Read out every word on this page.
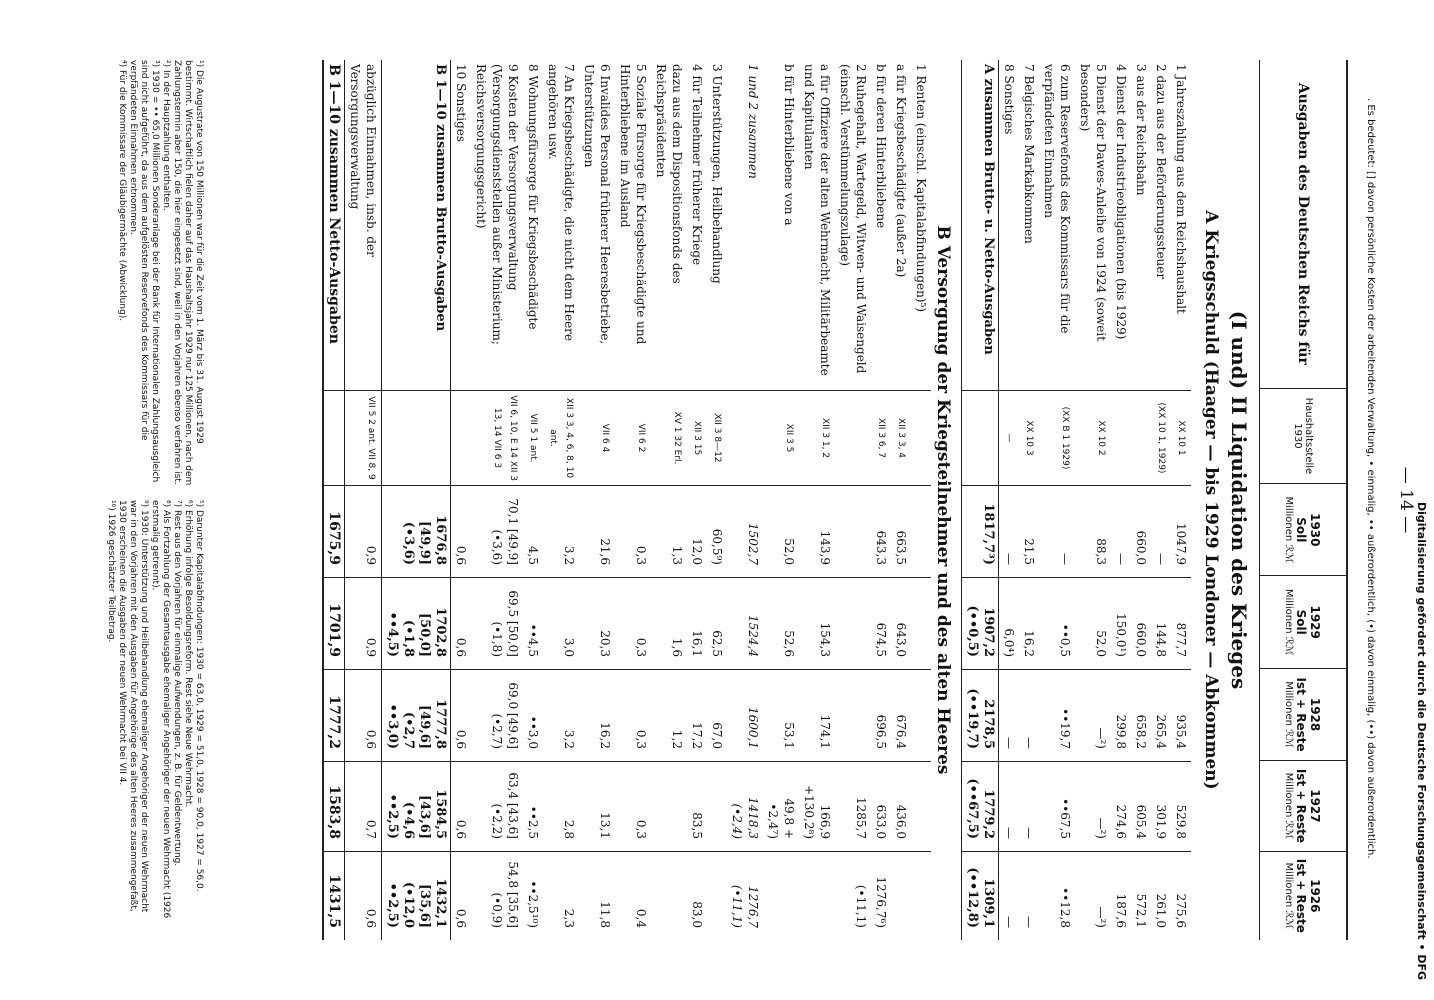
— 14 —
. Es bedeutet: [] davon persönliche Kosten der arbeitenden Verwaltung, • einmalig, •• außerordentlich, (•) davon einmalig, (••) davon außerordentlich.
Ausgaben des Deutschen Reichs für
Haushaltsstelle 1930
1930
Soll
Millionen ℛℳ
1929
Soll
Millionen ℛℳ
1928
Ist + Reste
Millionen ℛℳ
1927
Ist + Reste
Millionen ℛℳ
1926
Ist + Reste
Millionen ℛℳ
(I und) II Liquidation des Krieges
A Kriegsschuld (Haager — bis 1929 Londoner — Abkommen)
1 Jahreszahlung aus dem Reichshaushalt
XX 10 1
1047,9
877,7
935,4
529,8
275,6
2 dazu aus der Beförderungssteuer
(XX 10 1, 1929)
—
144,8
265,4
301,9
261,0
3 aus der Reichsbahn
660,0
660,0
658,2
605,4
572,1
4 Dienst der Industrieobligationen (bis 1929)
—
150,0¹)
299,8
274,6
187,6
5 Dienst der Dawes-Anleihe von 1924 (soweit besonders)
XX 10 2
88,3
52,0
—²)
—²)
—²)
6 zum Reservefonds des Kommissars für die verpfändeten Einnahmen
(XX B 1 1929)
—
••0,5
••19,7
••67,5
••12,8
7 Belgisches Markabkommen
XX 10 3
21,5
16,2
—
—
—
8 Sonstiges
—
—
6,0⁴)
—
—
—
A zusammen Brutto- u. Netto-Ausgaben
1817,7³)
1907,2 (••0,5)
2178,5 (••19,7)
1779,2 (••67,5)
1309,1 (••12,8)
B Versorgung der Kriegsteilnehmer und des alten Heeres
1 Renten (einschl. Kapitalabfindungen)⁵)
a für Kriegsbeschädigte (außer 2a)
XII 3 3, 4
663,5
643,0
676,4
436,0
b für deren Hinterbliebene
XII 3 6, 7
643,3
674,5
696,5
633,0
1276,7⁶)
2 Ruhegehalt, Wartegeld, Witwen- und Waisengeld (einschl. Verstümmelungszulage)
1285,7
(•11,1)
a für Offiziere der alten Wehrmacht, Militärbeamte und Kapitulanten
XII 3 1, 2
143,9
154,3
174,1
166,9 +130,2⁸)
b für Hinterbliebene von a
XII 3 5
52,0
52,6
53,1
49,8 + •2,4⁷)
1 und 2 zusammen
1502,7
1524,4
1600,1
1418,3 (•2,4)
1276,7 (•11,1)
3 Unterstützungen, Heilbehandlung
XII 3 8—12
60,5⁹)
62,5
67,0
4 für Teilnehmer früherer Kriege
XII 3 15
12,0
16,1
17,2
83,5
83,0
dazu aus dem Dispositionsfonds des Reichspräsidenten
XV 1 32 Erl.
1,3
1,6
1,2
5 Soziale Fürsorge für Kriegsbeschädigte und Hinterbliebene im Ausland
VII 6 2
0,3
0,3
0,3
0,3
0,4
6 Invalides Personal früherer Heeresbetriebe, Unterstützungen
VII 6 4
21,6
20,3
16,2
13,1
11,8
7 An Kriegsbeschädigte, die nicht dem Heere angehören usw.
XII 3 3, 4, 6, 8, 10 ant.
3,2
3,0
3,2
2,8
2,3
8 Wohnungsfürsorge für Kriegsbeschädigte
VII 5 1 ant.
4,5
••4,5
••3,0
••2,5
••2,5¹⁰)
9 Kosten der Versorgungsverwaltung (Versorgungsdienststellen außer Ministerium; Reichsversorgungsgericht)
VII 6, 10, E 14 XII 3 13, 14 VII 6 3
70,1 [49,9] (•3,6)
69,5 [50,0] (•1,8)
69,0 [49,6] (•2,7)
63,4 [43,6] (•2,2)
54,8 [35,6] (•0,9)
10 Sonstiges
0,6
0,6
0,6
0,6
0,6
B 1—10 zusammen Brutto-Ausgaben
1676,8 [49,9] (•3,6)
1702,8 [50,0] (•1,8 ••4,5)
1777,8 [49,6] (•2,7 ••3,0)
1584,5 [43,6] (•4,6 ••2,5)
1432,1 [35,6] (•12,0 ••2,5)
abzüglich Einnahmen, insb. der Versorgungsverwaltung
VII 5 2 ant. VII 8, 9
0,9
0,9
0,6
0,7
0,6
B 1—10 zusammen Netto-Ausgaben
1675,9
1701,9
1777,2
1583,8
1431,5
¹) Die Augustrate von 150 Millionen war für die Zeit vom 1. März bis 31. August 1929 bestimmt. Wirtschaftlich fielen daher auf das Haushaltsjahr 1929 nur 125 Millionen, nach dem Zahlungstermin aber 150, die hier eingesetzt sind, weil in den Vorjahren ebenso verfahren ist.
²) In der Hauptzahlung enthalten.
³) 1930 = •• 65,0 Millionen Sonderanlage bei der Bank für Internationalen Zahlungsausgleich sind nicht aufgeführt, da aus dem aufgelösten Reservefonds des Kommissars für die verpfändeten Einnahmen entnommen.
⁴) Für die Kommissare der Gläubigermächte (Abwicklung).
⁵) Darunter Kapitalabfindungen: 1930 = 63,0, 1929 = 51,0, 1928 = 90,0, 1927 = 56,0.
⁶) Erhöhung infolge Besoldungsreform. Rest siehe Neue Wehrmacht.
⁷) Rest aus den Vorjahren für einmalige Aufwendungen, z. B. für Geldentwertung.
⁸) Als Fortzahlung der Gesamtausgabe ehemaliger Angehöriger der neuen Wehrmacht (1926 erstmalig getrennt).
⁹) 1930: Unterstützung und Heilbehandlung ehemaliger Angehöriger der neuen Wehrmacht war in den Vorjahren mit den Ausgaben für Angehörige des alten Heeres zusammengefaßt, 1930 erscheinen die Ausgaben der neuen Wehrmacht bei VII 4.
¹⁰) 1926 geschätzter Teilbetrag.	Digitalisierung gefördert durch die Deutsche Forschungsgemeinschaft • DFG
